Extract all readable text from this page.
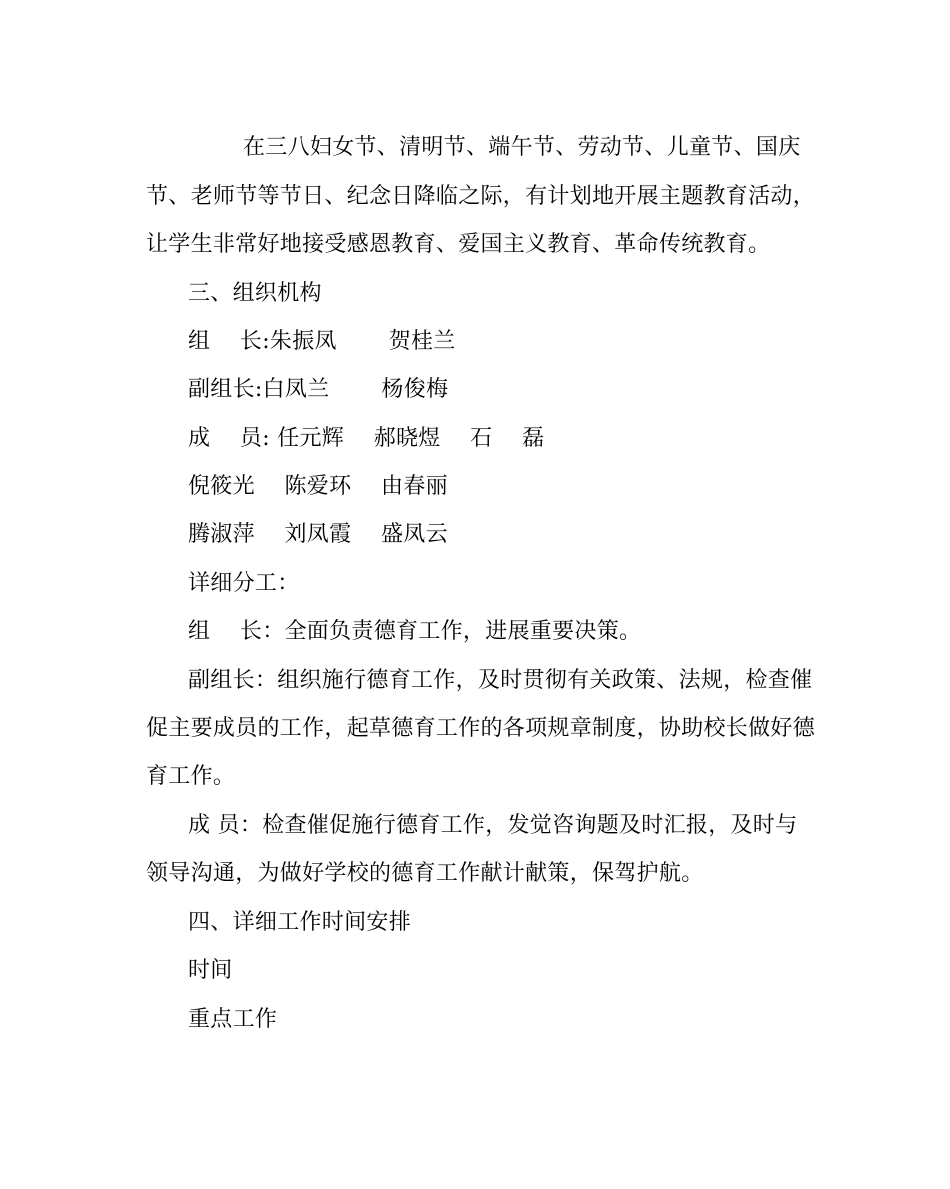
在三八妇女节、清明节、端午节、劳动节、儿童节、国庆
节、老师节等节日、纪念日降临之际，有计划地开展主题教育活动，
让学生非常好地接受感恩教育、爱国主义教育、革命传统教育。
三、组织机构
组　 长:朱振凤　　 贺桂兰
副组长:白凤兰　　 杨俊梅
成　 员: 任元辉　 郝晓煜　 石　 磊
倪筱光　 陈爱环　 由春丽
腾淑萍　 刘凤霞　 盛凤云
详细分工：
组　 长：全面负责德育工作，进展重要决策。
副组长：组织施行德育工作，及时贯彻有关政策、法规，检查催
促主要成员的工作，起草德育工作的各项规章制度，协助校长做好德
育工作。
成 员：检查催促施行德育工作，发觉咨询题及时汇报，及时与
领导沟通，为做好学校的德育工作献计献策，保驾护航。
四、详细工作时间安排
时间
重点工作
